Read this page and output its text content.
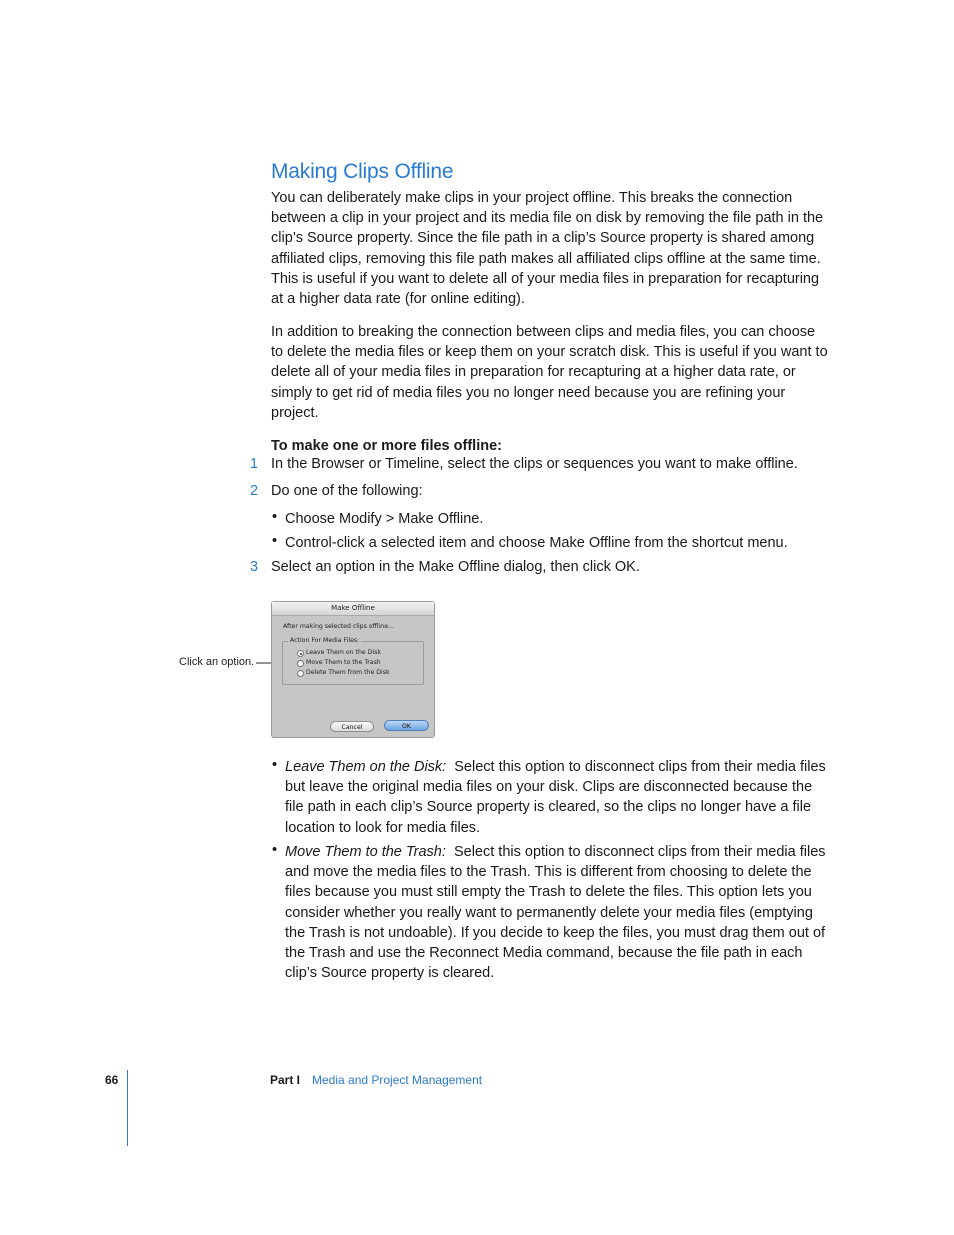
Making Clips Offline

You can deliberately make clips in your project offline. This breaks the connection between a clip in your project and its media file on disk by removing the file path in the clip’s Source property. Since the file path in a clip’s Source property is shared among affiliated clips, removing this file path makes all affiliated clips offline at the same time. This is useful if you want to delete all of your media files in preparation for recapturing at a higher data rate (for online editing).

In addition to breaking the connection between clips and media files, you can choose to delete the media files or keep them on your scratch disk. This is useful if you want to delete all of your media files in preparation for recapturing at a higher data rate, or simply to get rid of media files you no longer need because you are refining your project.

To make one or more files offline:
1 In the Browser or Timeline, select the clips or sequences you want to make offline.
2 Do one of the following:
• Choose Modify > Make Offline.
• Control-click a selected item and choose Make Offline from the shortcut menu.
3 Select an option in the Make Offline dialog, then click OK.
Click an option.
Make Offline
After making selected clips offline...
Action For Media Files:
Leave Them on the Disk
Move Them to the Trash
Delete Them from the Disk
Cancel	OK
• Leave Them on the Disk: Select this option to disconnect clips from their media files but leave the original media files on your disk. Clips are disconnected because the file path in each clip’s Source property is cleared, so the clips no longer have a file location to look for media files.

• Move Them to the Trash: Select this option to disconnect clips from their media files and move the media files to the Trash. This is different from choosing to delete the files because you must still empty the Trash to delete the files. This option lets you consider whether you really want to permanently delete your media files (emptying the Trash is not undoable). If you decide to keep the files, you must drag them out of the Trash and use the Reconnect Media command, because the file path in each clip’s Source property is cleared.

66	Part I Media and Project Management
